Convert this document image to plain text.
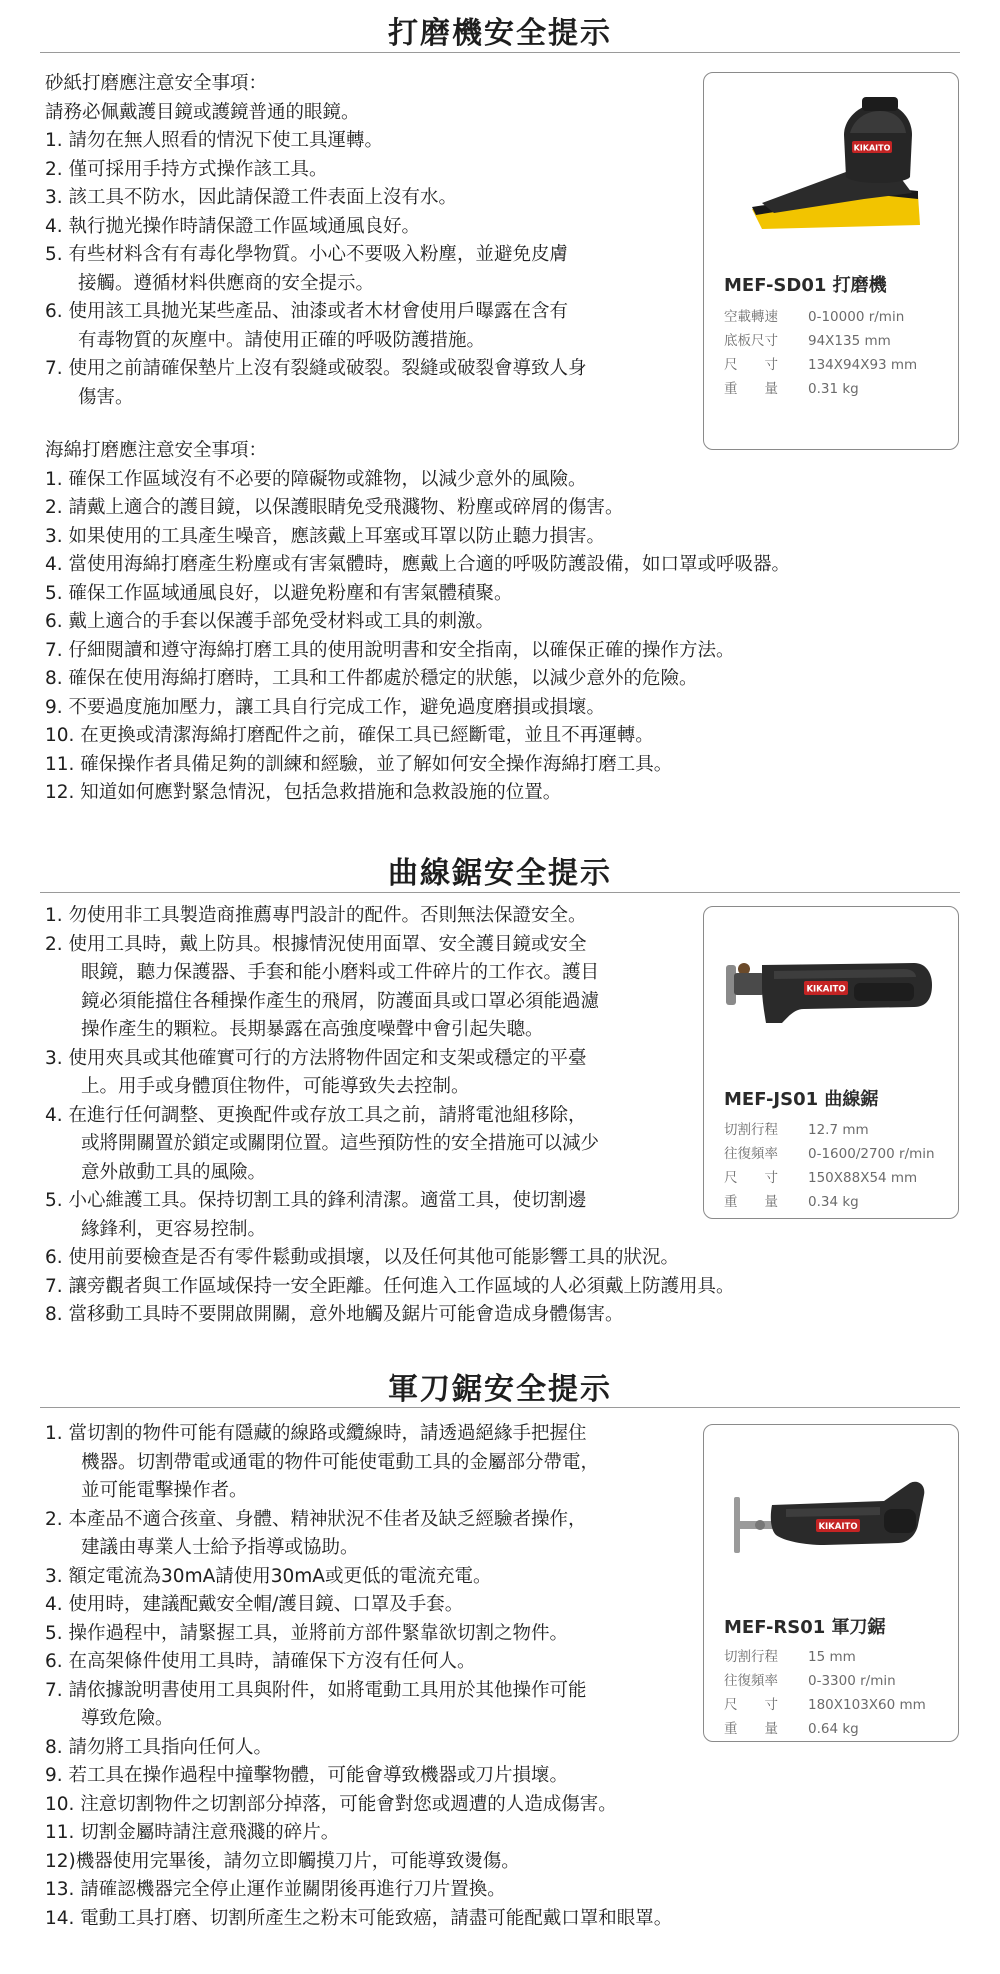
打磨機安全提示
砂紙打磨應注意安全事項：
請務必佩戴護目鏡或護鏡普通的眼鏡。
1. 請勿在無人照看的情況下使工具運轉。
2. 僅可採用手持方式操作該工具。
3. 該工具不防水，因此請保證工件表面上沒有水。
4. 執行拋光操作時請保證工作區域通風良好。
5. 有些材料含有有毒化學物質。小心不要吸入粉塵，並避免皮膚
接觸。遵循材料供應商的安全提示。
6. 使用該工具拋光某些產品、油漆或者木材會使用戶曝露在含有
有毒物質的灰塵中。請使用正確的呼吸防護措施。
7. 使用之前請確保墊片上沒有裂縫或破裂。裂縫或破裂會導致人身
傷害。
海綿打磨應注意安全事項：
1. 確保工作區域沒有不必要的障礙物或雜物，以減少意外的風險。
2. 請戴上適合的護目鏡，以保護眼睛免受飛濺物、粉塵或碎屑的傷害。
3. 如果使用的工具產生噪音，應該戴上耳塞或耳罩以防止聽力損害。
4. 當使用海綿打磨產生粉塵或有害氣體時，應戴上合適的呼吸防護設備，如口罩或呼吸器。
5. 確保工作區域通風良好，以避免粉塵和有害氣體積聚。
6. 戴上適合的手套以保護手部免受材料或工具的刺激。
7. 仔細閱讀和遵守海綿打磨工具的使用說明書和安全指南，以確保正確的操作方法。
8. 確保在使用海綿打磨時，工具和工件都處於穩定的狀態，以減少意外的危險。
9. 不要過度施加壓力，讓工具自行完成工作，避免過度磨損或損壞。
10. 在更換或清潔海綿打磨配件之前，確保工具已經斷電，並且不再運轉。
11. 確保操作者具備足夠的訓練和經驗，並了解如何安全操作海綿打磨工具。
12. 知道如何應對緊急情況，包括急救措施和急救設施的位置。
KIKAITO
MEF-SD01 打磨機
空載轉速 0-10000 r/min
底板尺寸 94X135 mm
尺　　寸 134X94X93 mm
重　　量 0.31 kg
曲線鋸安全提示
1. 勿使用非工具製造商推薦專門設計的配件。否則無法保證安全。
2. 使用工具時，戴上防具。根據情況使用面罩、安全護目鏡或安全
眼鏡，聽力保護器、手套和能小磨料或工件碎片的工作衣。護目
鏡必須能擋住各種操作產生的飛屑，防護面具或口罩必須能過濾
操作產生的顆粒。長期暴露在高強度噪聲中會引起失聰。
3. 使用夾具或其他確實可行的方法將物件固定和支架或穩定的平臺
上。用手或身體頂住物件，可能導致失去控制。
4. 在進行任何調整、更換配件或存放工具之前，請將電池組移除，
或將開關置於鎖定或關閉位置。這些預防性的安全措施可以減少
意外啟動工具的風險。
5. 小心維護工具。保持切割工具的鋒利清潔。適當工具，使切割邊
緣鋒利，更容易控制。
6. 使用前要檢查是否有零件鬆動或損壞，以及任何其他可能影響工具的狀況。
7. 讓旁觀者與工作區域保持一安全距離。任何進入工作區域的人必須戴上防護用具。
8. 當移動工具時不要開啟開關，意外地觸及鋸片可能會造成身體傷害。
KIKAITO
MEF-JS01 曲線鋸
切割行程 12.7 mm
往復頻率 0-1600/2700 r/min
尺　　寸 150X88X54 mm
重　　量 0.34 kg
軍刀鋸安全提示
1. 當切割的物件可能有隱藏的線路或纜線時，請透過絕緣手把握住
機器。切割帶電或通電的物件可能使電動工具的金屬部分帶電，
並可能電擊操作者。
2. 本產品不適合孩童、身體、精神狀況不佳者及缺乏經驗者操作，
建議由專業人士給予指導或協助。
3. 額定電流為30mA請使用30mA或更低的電流充電。
4. 使用時，建議配戴安全帽/護目鏡、口罩及手套。
5. 操作過程中，請緊握工具，並將前方部件緊靠欲切割之物件。
6. 在高架條件使用工具時，請確保下方沒有任何人。
7. 請依據說明書使用工具與附件，如將電動工具用於其他操作可能
導致危險。
8. 請勿將工具指向任何人。
9. 若工具在操作過程中撞擊物體，可能會導致機器或刀片損壞。
10. 注意切割物件之切割部分掉落，可能會對您或週遭的人造成傷害。
11. 切割金屬時請注意飛濺的碎片。
12)機器使用完畢後，請勿立即觸摸刀片，可能導致燙傷。
13. 請確認機器完全停止運作並關閉後再進行刀片置換。
14. 電動工具打磨、切割所產生之粉末可能致癌，請盡可能配戴口罩和眼罩。
KIKAITO
MEF-RS01 軍刀鋸
切割行程 15 mm
往復頻率 0-3300 r/min
尺　　寸 180X103X60 mm
重　　量 0.64 kg
